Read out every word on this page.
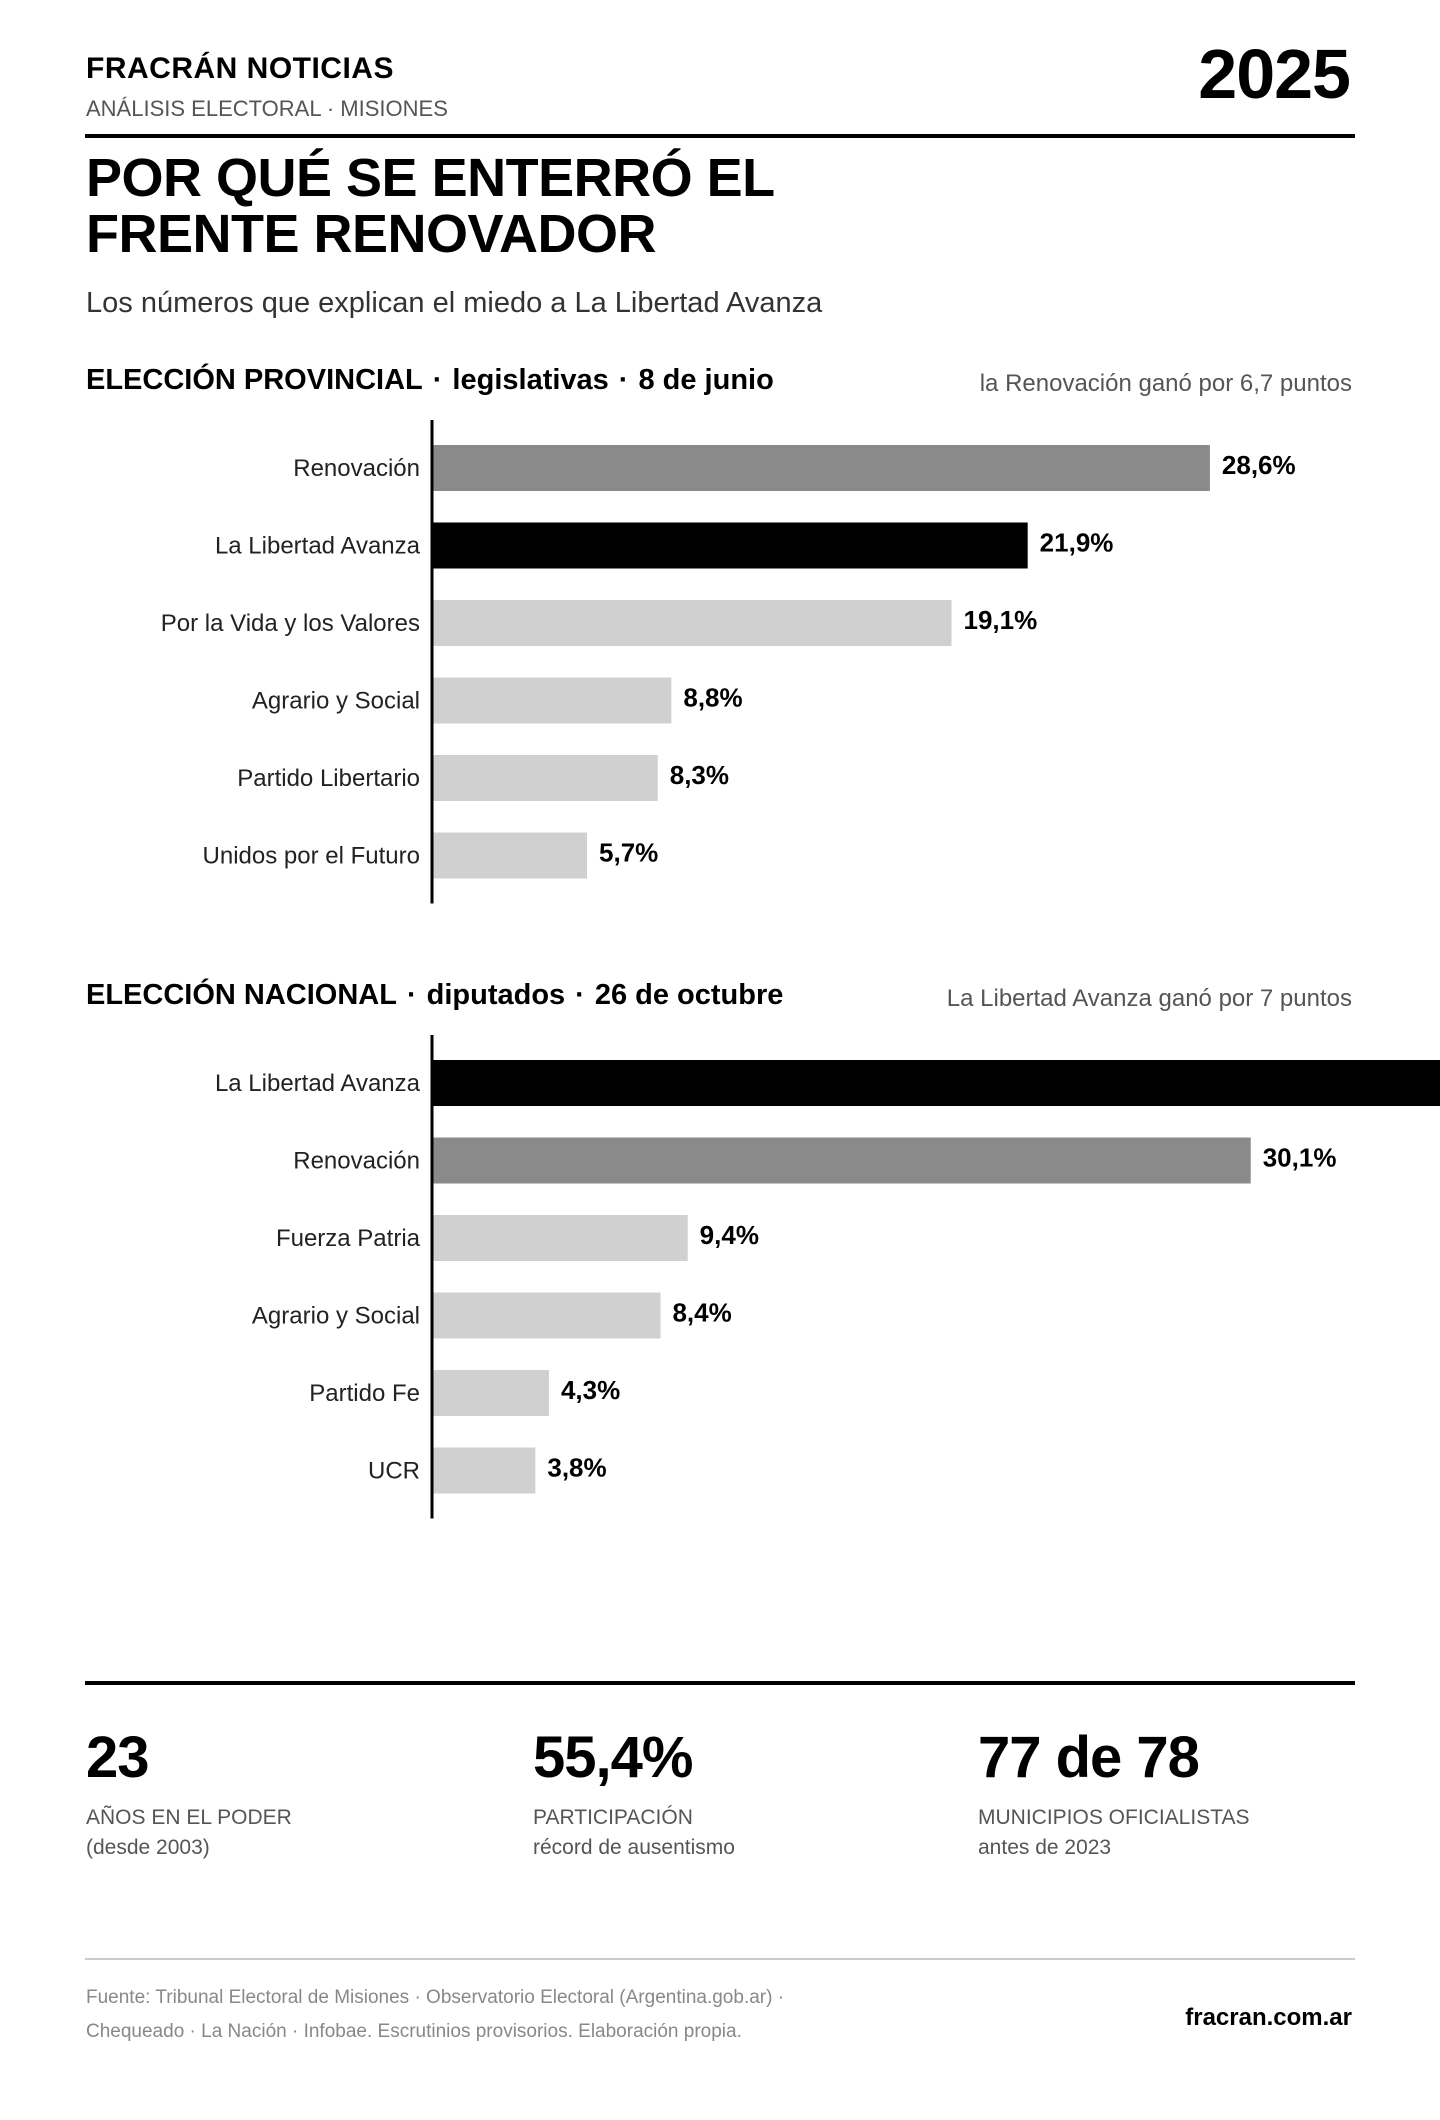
FRACRÁN NOTICIAS
ANÁLISIS ELECTORAL · MISIONES	2025
POR QUÉ SE ENTERRÓ EL
FRENTE RENOVADOR
Los números que explican el miedo a La Libertad Avanza
ELECCIÓN PROVINCIAL · legislativas · 8 de junio	la Renovación ganó por 6,7 puntos
Renovación	28,6%
La Libertad Avanza	21,9%
Por la Vida y los Valores	19,1%
Agrario y Social	8,8%
Partido Libertario	8,3%
Unidos por el Futuro	5,7%
ELECCIÓN NACIONAL · diputados · 26 de octubre	La Libertad Avanza ganó por 7 puntos
La Libertad Avanza
Renovación	30,1%
Fuerza Patria	9,4%
Agrario y Social	8,4%
Partido Fe	4,3%
UCR	3,8%
23
AÑOS EN EL PODER
(desde 2003)
55,4%
PARTICIPACIÓN
récord de ausentismo
77 de 78
MUNICIPIOS OFICIALISTAS
antes de 2023
Fuente: Tribunal Electoral de Misiones · Observatorio Electoral (Argentina.gob.ar) ·
Chequeado · La Nación · Infobae. Escrutinios provisorios. Elaboración propia.
fracran.com.ar
